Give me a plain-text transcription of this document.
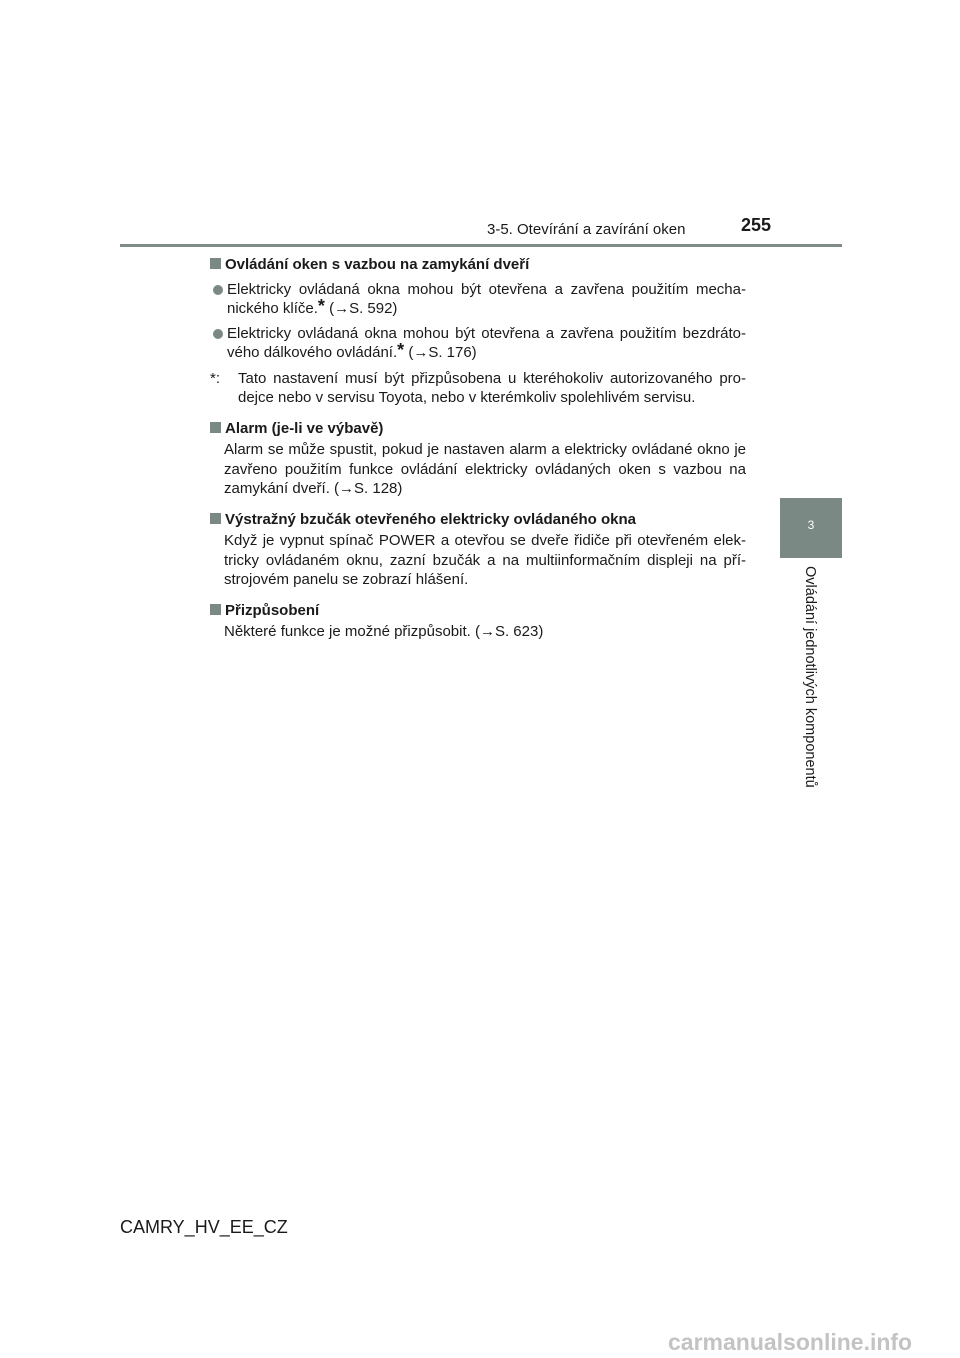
3-5. Otevírání a zavírání oken	255
3
Ovládání jednotlivých komponentů
Ovládání oken s vazbou na zamykání dveří
Elektricky ovládaná okna mohou být otevřena a zavřena použitím mecha-nického klíče.* (→S. 592)
Elektricky ovládaná okna mohou být otevřena a zavřena použitím bezdráto-vého dálkového ovládání.* (→S. 176)
*:	Tato nastavení musí být přizpůsobena u kteréhokoliv autorizovaného pro-dejce nebo v servisu Toyota, nebo v kterémkoliv spolehlivém servisu.
Alarm (je-li ve výbavě)
Alarm se může spustit, pokud je nastaven alarm a elektricky ovládané okno je zavřeno použitím funkce ovládání elektricky ovládaných oken s vazbou na zamykání dveří. (→S. 128)
Výstražný bzučák otevřeného elektricky ovládaného okna
Když je vypnut spínač POWER a otevřou se dveře řidiče při otevřeném elek-tricky ovládaném oknu, zazní bzučák a na multiinformačním displeji na pří-strojovém panelu se zobrazí hlášení.
Přizpůsobení
Některé funkce je možné přizpůsobit. (→S. 623)
CAMRY_HV_EE_CZ
carmanualsonline.info
